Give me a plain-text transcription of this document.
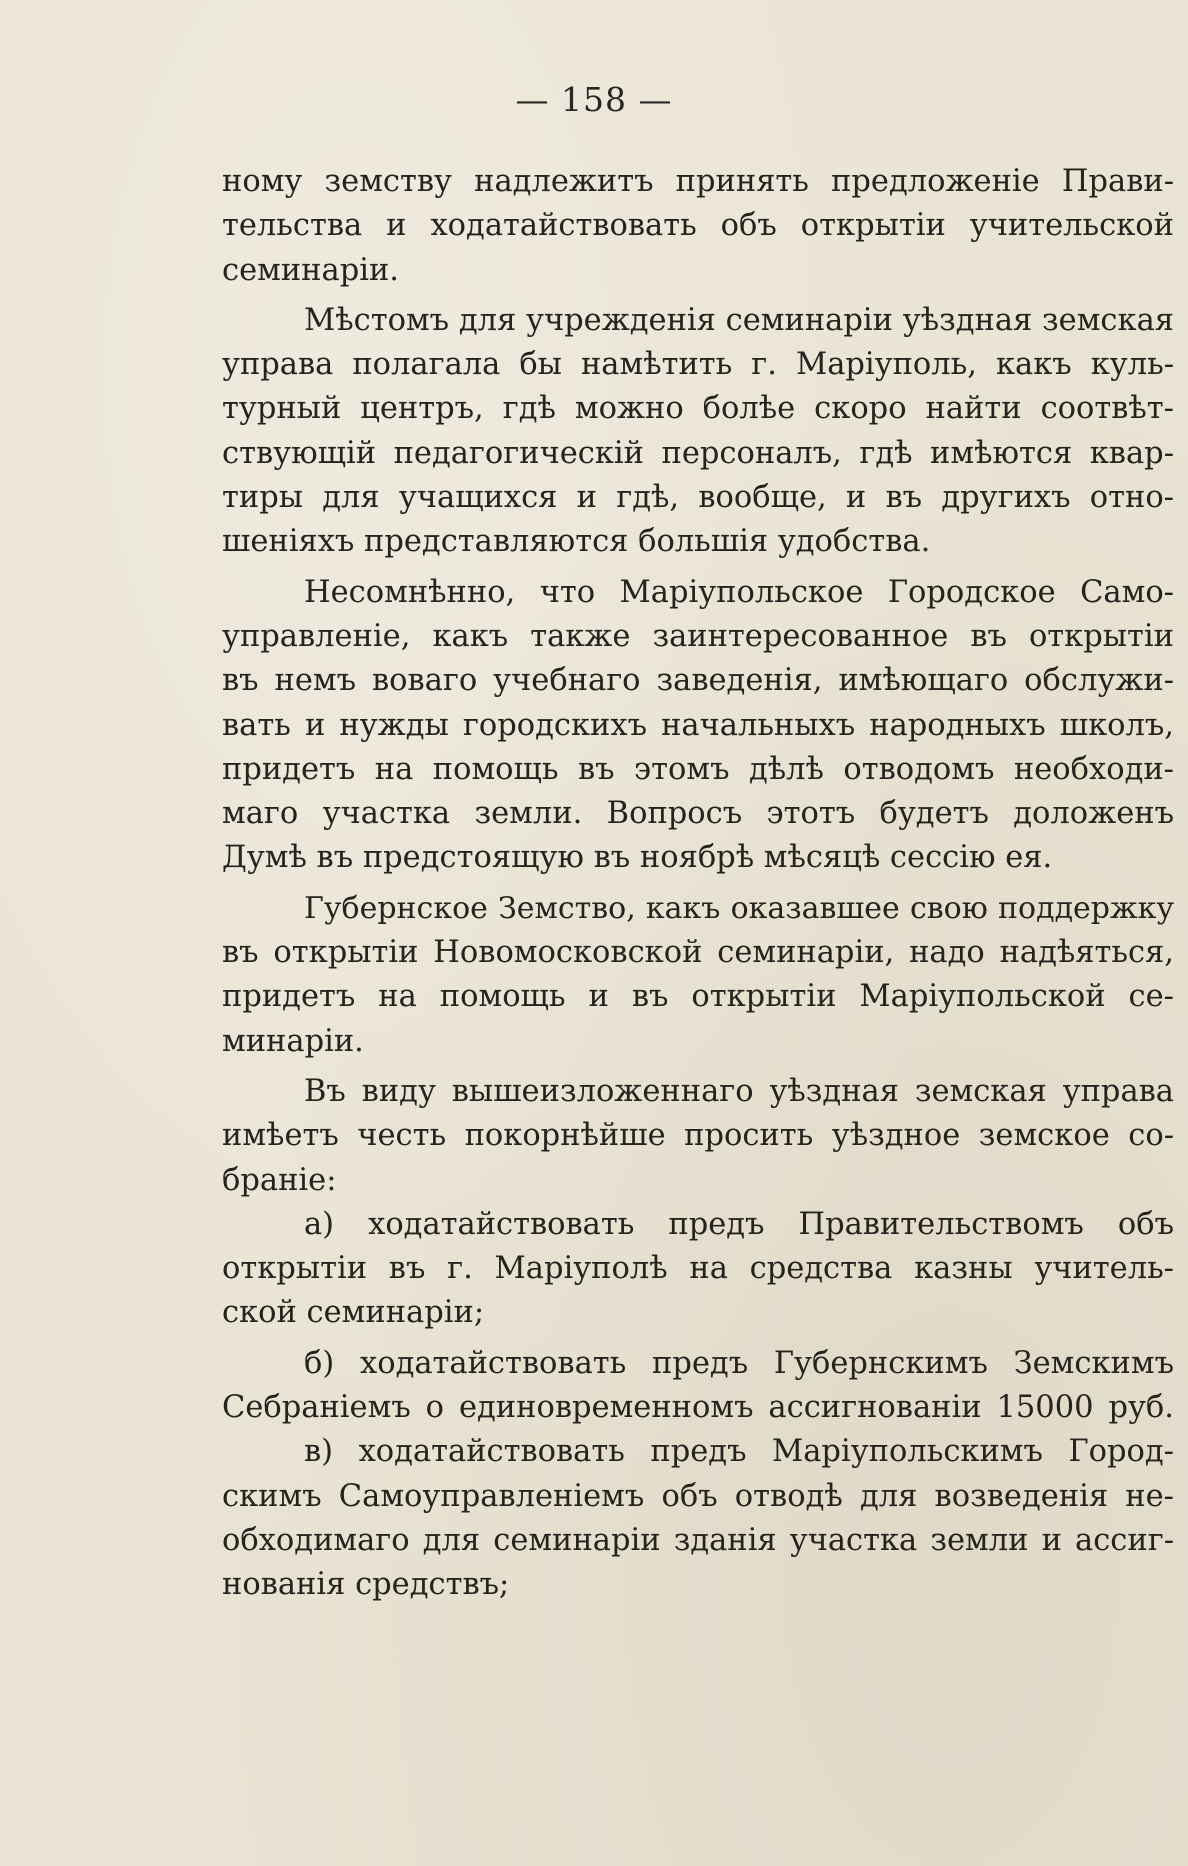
— 158 —
ному земству надлежитъ принять предложенiе Прави-
тельства и ходатайствовать объ открытiи учительской
семинарiи.
Мѣстомъ для учрежденiя семинарiи уѣздная земская
управа полагала бы намѣтить г. Марiуполь, какъ куль-
турный центръ, гдѣ можно болѣе скоро найти соотвѣт-
ствующiй педагогическiй персоналъ, гдѣ имѣются квар-
тиры для учащихся и гдѣ, вообще, и въ другихъ отно-
шенiяхъ представляются большiя удобства.
Несомнѣнно, что Марiупольское Городское Само-
управленiе, какъ также заинтересованное въ открытiи
въ немъ воваго учебнаго заведенiя, имѣющаго обслужи-
вать и нужды городскихъ начальныхъ народныхъ школъ,
придетъ на помощь въ этомъ дѣлѣ отводомъ необходи-
маго участка земли. Вопросъ этотъ будетъ доложенъ
Думѣ въ предстоящую въ ноябрѣ мѣсяцѣ сессiю ея.
Губернское Земство, какъ оказавшее свою поддержку
въ открытiи Новомосковской семинарiи, надо надѣяться,
придетъ на помощь и въ открытiи Марiупольской се-
минарiи.
Въ виду вышеизложеннаго уѣздная земская управа
имѣетъ честь покорнѣйше просить уѣздное земское со-
бранiе:
а) ходатайствовать предъ Правительствомъ объ
открытiи въ г. Марiуполѣ на средства казны учитель-
ской семинарiи;
б) ходатайствовать предъ Губернскимъ Земскимъ
Себранiемъ о единовременномъ ассигнованiи 15000 руб.
в) ходатайствовать предъ Марiупольскимъ Город-
скимъ Самоуправленiемъ объ отводѣ для возведенiя не-
обходимаго для семинарiи зданiя участка земли и ассиг-
нованiя средствъ;
